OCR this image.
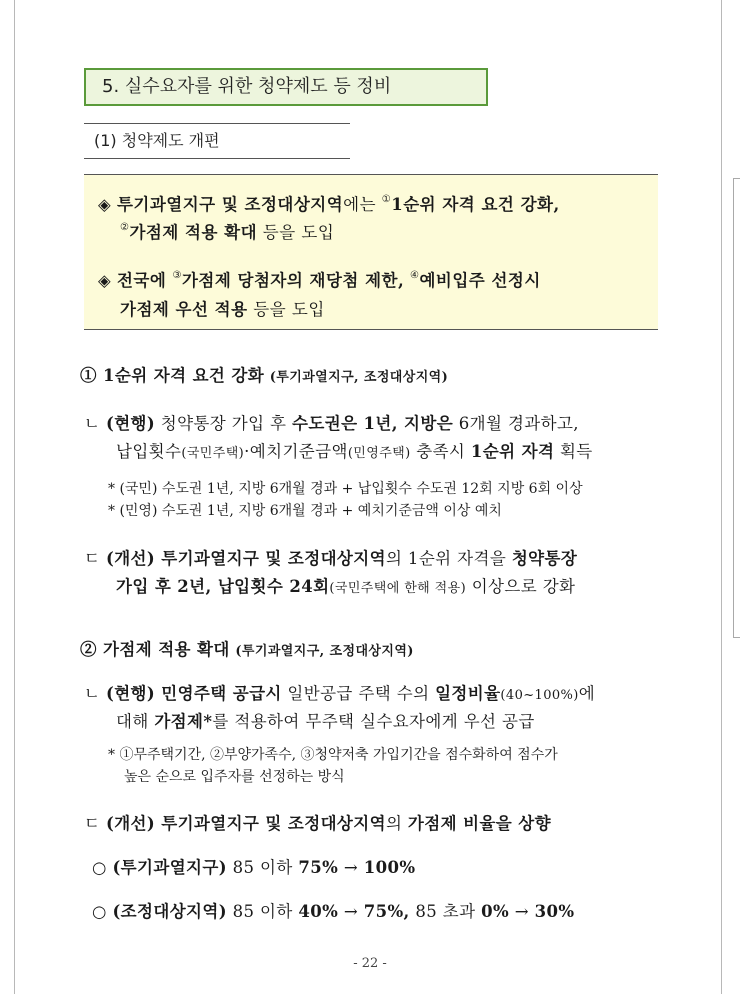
5. 실수요자를 위한 청약제도 등 정비
(1) 청약제도 개편
◈ 투기과열지구 및 조정대상지역에는 ①1순위 자격 요건 강화,
②가점제 적용 확대 등을 도입
◈ 전국에 ③가점제 당첨자의 재당첨 제한, ④예비입주 선정시
가점제 우선 적용 등을 도입
① 1순위 자격 요건 강화 (투기과열지구, 조정대상지역)
ㄴ (현행) 청약통장 가입 후 수도권은 1년, 지방은 6개월 경과하고,
납입횟수(국민주택)·예치기준금액(민영주택) 충족시 1순위 자격 획득
* (국민) 수도권 1년, 지방 6개월 경과 + 납입횟수 수도권 12회 지방 6회 이상
* (민영) 수도권 1년, 지방 6개월 경과 + 예치기준금액 이상 예치
ㄷ (개선) 투기과열지구 및 조정대상지역의 1순위 자격을 청약통장
가입 후 2년, 납입횟수 24회(국민주택에 한해 적용) 이상으로 강화
② 가점제 적용 확대 (투기과열지구, 조정대상지역)
ㄴ (현행) 민영주택 공급시 일반공급 주택 수의 일정비율(40~100%)에
대해 가점제*를 적용하여 무주택 실수요자에게 우선 공급
* ①무주택기간, ②부양가족수, ③청약저축 가입기간을 점수화하여 점수가
높은 순으로 입주자를 선정하는 방식
ㄷ (개선) 투기과열지구 및 조정대상지역의 가점제 비율을 상향
○ (투기과열지구) 85 이하 75% → 100%
○ (조정대상지역) 85 이하 40% → 75%, 85 초과 0% → 30%
- 22 -
